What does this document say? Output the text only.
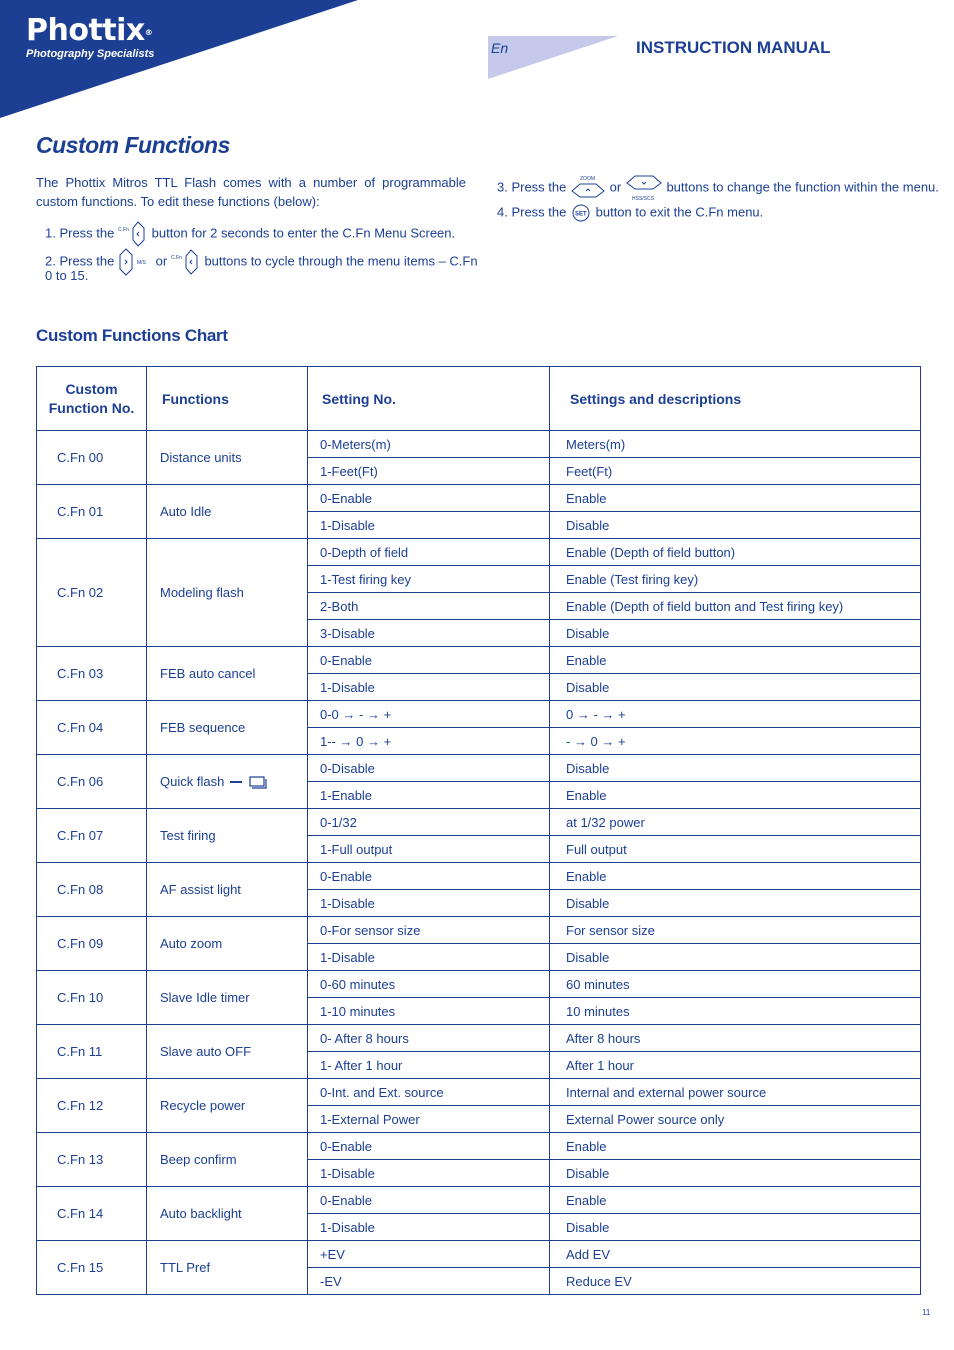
Phottix®
Photography Specialists	En	INSTRUCTION MANUAL
Custom Functions
The Phottix Mitros TTL Flash comes with a number of programmable custom functions. To edit these functions (below):
1. Press the C.Fn button for 2 seconds to enter the C.Fn Menu Screen.
2. Press the	M/S or C.Fn buttons to cycle through the menu items – C.Fn
0 to 15.
3. Press the
ZOOM
or
HSS/SCS
buttons to change the function within the menu.
4. Press the SET button to exit the C.Fn menu.
Custom Functions Chart
Custom Function No.	Functions	Setting No.	Settings and descriptions
C.Fn 00	Distance units	0-Meters(m)	Meters(m)
		1-Feet(Ft)	Feet(Ft)
C.Fn 01	Auto Idle	0-Enable	Enable
		1-Disable	Disable
C.Fn 02	Modeling flash	0-Depth of field	Enable (Depth of field button)
		1-Test firing key	Enable (Test firing key)
		2-Both	Enable (Depth of field button and Test firing key)
		3-Disable	Disable
C.Fn 03	FEB auto cancel	0-Enable	Enable
		1-Disable	Disable
C.Fn 04	FEB sequence	0-0 → - → +	0 → - → +
		1-- → 0 → +	- → 0 → +
C.Fn 06	Quick flash	0-Disable	Disable
		1-Enable	Enable
C.Fn 07	Test firing	0-1/32	at 1/32 power
		1-Full output	Full output
C.Fn 08	AF assist light	0-Enable	Enable
		1-Disable	Disable
C.Fn 09	Auto zoom	0-For sensor size	For sensor size
		1-Disable	Disable
C.Fn 10	Slave Idle timer	0-60 minutes	60 minutes
		1-10 minutes	10 minutes
C.Fn 11	Slave auto OFF	0- After 8 hours	After 8 hours
		1- After 1 hour	After 1 hour
C.Fn 12	Recycle power	0-Int. and Ext. source	Internal and external power source
		1-External Power	External Power source only
C.Fn 13	Beep confirm	0-Enable	Enable
		1-Disable	Disable
C.Fn 14	Auto backlight	0-Enable	Enable
		1-Disable	Disable
C.Fn 15	TTL Pref	+EV	Add EV
		-EV	Reduce EV
11
